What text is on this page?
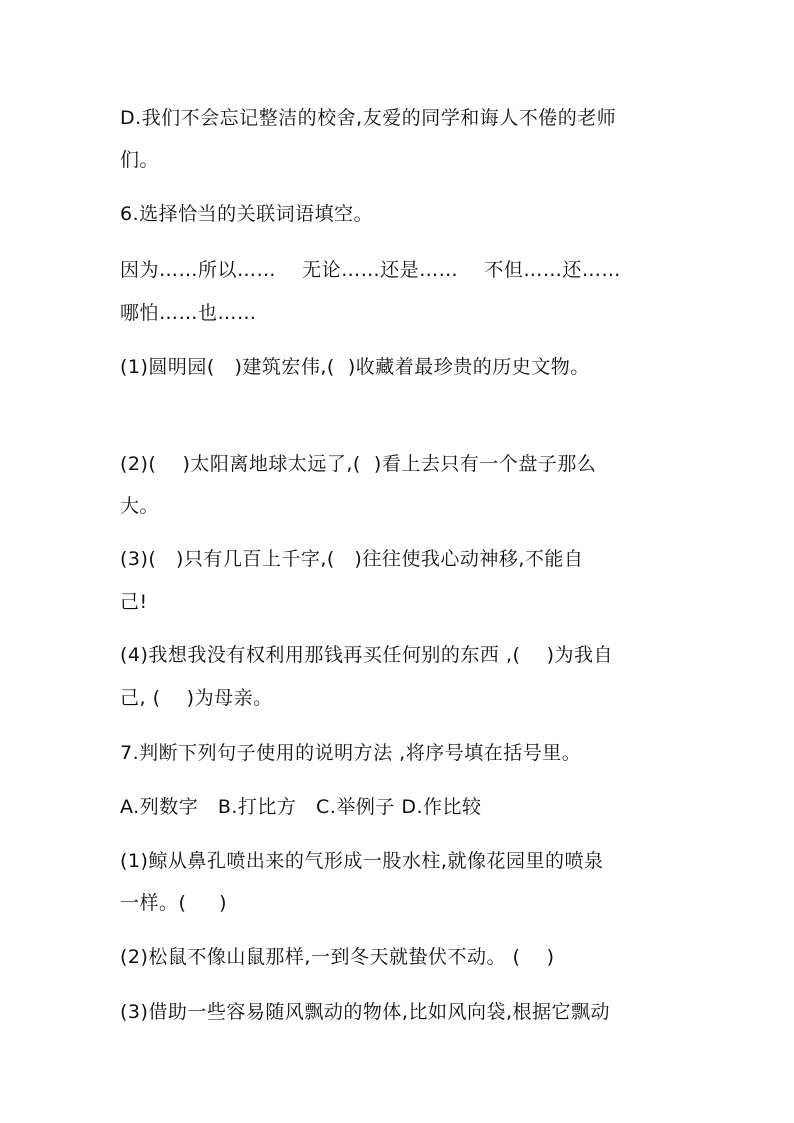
D.我们不会忘记整洁的校舍,友爱的同学和诲人不倦的老师
们。
6.选择恰当的关联词语填空。
因为……所以……    无论……还是……    不但……还……
哪怕……也……
(1)圆明园(   )建筑宏伟,(  )收藏着最珍贵的历史文物。
(2)(    )太阳离地球太远了,(  )看上去只有一个盘子那么
大。
(3)(   )只有几百上千字,(   )往往使我心动神移,不能自
己!
(4)我想我没有权利用那钱再买任何别的东西 ,(    )为我自
己, (    )为母亲。
7.判断下列句子使用的说明方法 ,将序号填在括号里。
A.列数字   B.打比方   C.举例子 D.作比较
(1)鲸从鼻孔喷出来的气形成一股水柱,就像花园里的喷泉
一样。(     )
(2)松鼠不像山鼠那样,一到冬天就蛰伏不动。 (    )
(3)借助一些容易随风飘动的物体,比如风向袋,根据它飘动
